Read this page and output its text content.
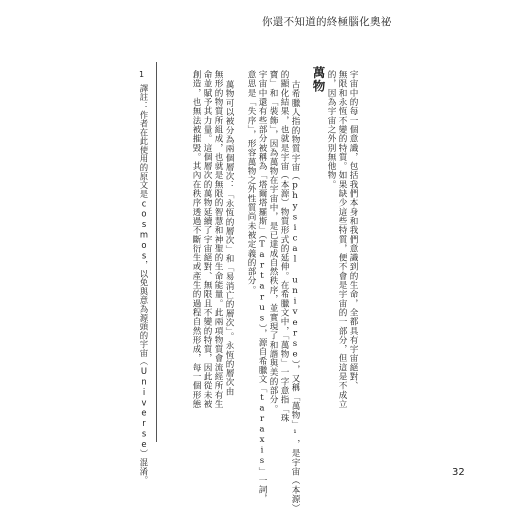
你還不知道的終極腦化奧祕
宇宙中的每一個意識，包括我們本身和我們意識到的生命，全都具有宇宙絕對、
無限和永恆不變的特質。如果缺少這些特質，便不會是宇宙的一部分，但這是不成立
的，因為宇宙之外別無他物。
萬物
古希臘人指的物質宇宙（physical universe），又稱「萬物」¹，是宇宙（本源）
的顯化結果，也就是宇宙（本源）物質形式的延伸。在希臘文中，「萬物」一字意指「珠
寶」和「裝飾」，因為萬物在宇宙中，是已達成自然秩序，並實現了和諧與美的部分。
宇宙中還有些部分被稱為「塔爾塔羅斯」（Tartarus），源自希臘文「taraxis」一詞，
意思是「失序」，形容萬物之外性質尚未被定義的部分。
萬物可以被分為兩個層次：「永恆的層次」和「易消亡的層次」。永恆的層次由
無形的物質所組成，也就是無限的智慧和神聖的生命能量。此兩項物質會流經所有生
命並賦予其力量。這個層次的萬物延續了宇宙絕對、無限且不變的特質，因此從未被
創造，也無法被摧毀。其內在秩序透過不斷衍生或產生的過程自然形成，每一個形態
1
譯註：作者在此使用的原文是cosmos，以免與意為源頭的宇宙（Universe）混淆。	32
